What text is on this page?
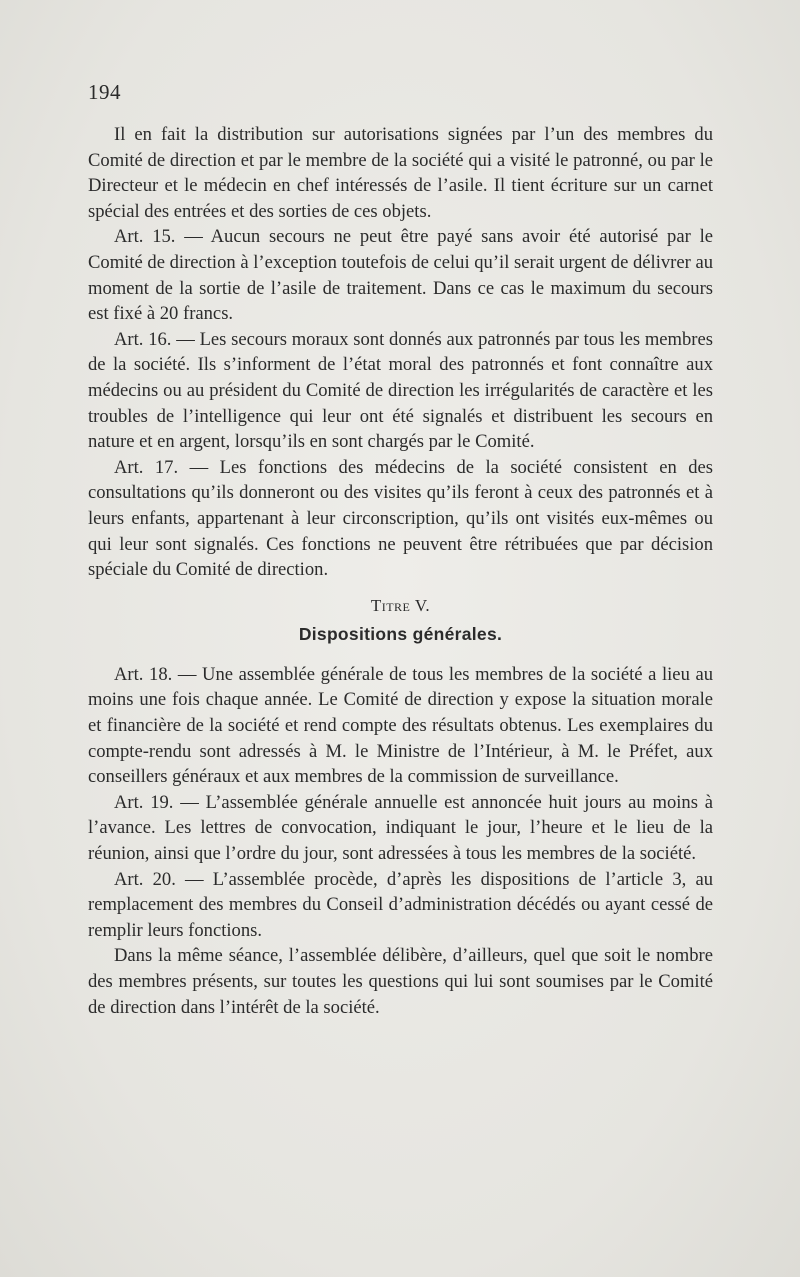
194

Il en fait la distribution sur autorisations signées par l’un des membres du Comité de direction et par le membre de la société qui a visité le patronné, ou par le Directeur et le médecin en chef intéressés de l’asile. Il tient écriture sur un carnet spécial des entrées et des sorties de ces objets.

Art. 15. — Aucun secours ne peut être payé sans avoir été autorisé par le Comité de direction à l’exception toutefois de celui qu’il serait urgent de délivrer au moment de la sortie de l’asile de traitement. Dans ce cas le maximum du secours est fixé à 20 francs.

Art. 16. — Les secours moraux sont donnés aux patronnés par tous les membres de la société. Ils s’informent de l’état moral des patronnés et font connaître aux médecins ou au président du Comité de direction les irrégularités de caractère et les troubles de l’intelligence qui leur ont été signalés et distribuent les secours en nature et en argent, lorsqu’ils en sont chargés par le Comité.

Art. 17. — Les fonctions des médecins de la société consistent en des consultations qu’ils donneront ou des visites qu’ils feront à ceux des patronnés et à leurs enfants, appartenant à leur circonscription, qu’ils ont visités eux-mêmes ou qui leur sont signalés. Ces fonctions ne peuvent être rétribuées que par décision spéciale du Comité de direction.

Titre V.
Dispositions générales.

Art. 18. — Une assemblée générale de tous les membres de la société a lieu au moins une fois chaque année. Le Comité de direction y expose la situation morale et financière de la société et rend compte des résultats obtenus. Les exemplaires du compte-rendu sont adressés à M. le Ministre de l’Intérieur, à M. le Préfet, aux conseillers généraux et aux membres de la commission de surveillance.

Art. 19. — L’assemblée générale annuelle est annoncée huit jours au moins à l’avance. Les lettres de convocation, indiquant le jour, l’heure et le lieu de la réunion, ainsi que l’ordre du jour, sont adressées à tous les membres de la société.

Art. 20. — L’assemblée procède, d’après les dispositions de l’article 3, au remplacement des membres du Conseil d’administration décédés ou ayant cessé de remplir leurs fonctions.

Dans la même séance, l’assemblée délibère, d’ailleurs, quel que soit le nombre des membres présents, sur toutes les questions qui lui sont soumises par le Comité de direction dans l’intérêt de la société.
